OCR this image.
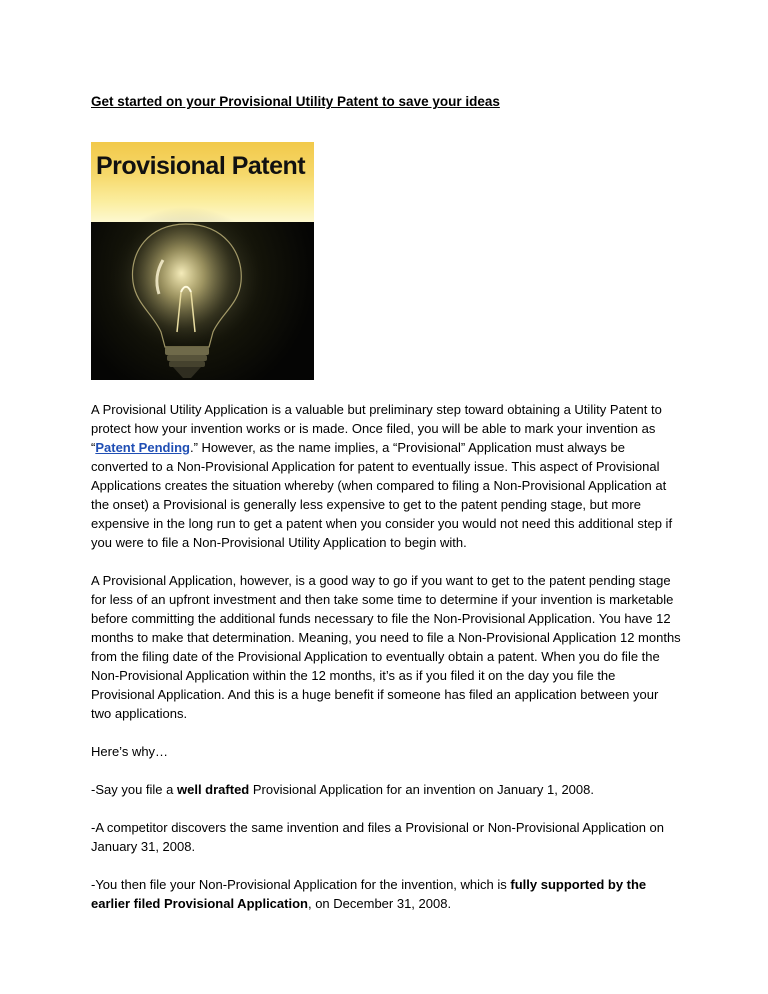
Get started on your Provisional Utility Patent to save your ideas
Provisional Patent

A Provisional Utility Application is a valuable but preliminary step toward obtaining a Utility Patent to protect how your invention works or is made. Once filed, you will be able to mark your invention as “Patent Pending.” However, as the name implies, a “Provisional” Application must always be converted to a Non-Provisional Application for patent to eventually issue. This aspect of Provisional Applications creates the situation whereby (when compared to filing a Non-Provisional Application at the onset) a Provisional is generally less expensive to get to the patent pending stage, but more expensive in the long run to get a patent when you consider you would not need this additional step if you were to file a Non-Provisional Utility Application to begin with.

A Provisional Application, however, is a good way to go if you want to get to the patent pending stage for less of an upfront investment and then take some time to determine if your invention is marketable before committing the additional funds necessary to file the Non-Provisional Application. You have 12 months to make that determination. Meaning, you need to file a Non-Provisional Application 12 months from the filing date of the Provisional Application to eventually obtain a patent. When you do file the Non-Provisional Application within the 12 months, it’s as if you filed it on the day you file the Provisional Application. And this is a huge benefit if someone has filed an application between your two applications.

Here’s why…

-Say you file a well drafted Provisional Application for an invention on January 1, 2008.

-A competitor discovers the same invention and files a Provisional or Non-Provisional Application on January 31, 2008.

-You then file your Non-Provisional Application for the invention, which is fully supported by the earlier filed Provisional Application, on December 31, 2008.
